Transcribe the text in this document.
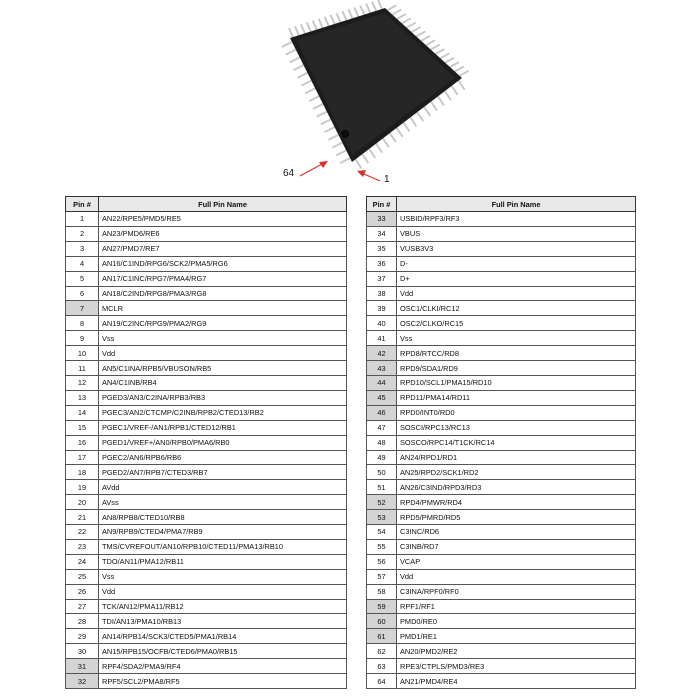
64
1
Pin #	Full Pin Name
1	AN22/RPE5/PMD5/RE5
2	AN23/PMD6/RE6
3	AN27/PMD7/RE7
4	AN16/C1IND/RPG6/SCK2/PMA5/RG6
5	AN17/C1INC/RPG7/PMA4/RG7
6	AN18/C2IND/RPG8/PMA3/RG8
7	MCLR
8	AN19/C2INC/RPG9/PMA2/RG9
9	Vss
10	Vdd
11	AN5/C1INA/RPB5/VBUSON/RB5
12	AN4/C1INB/RB4
13	PGED3/AN3/C2INA/RPB3/RB3
14	PGEC3/AN2/CTCMP/C2INB/RPB2/CTED13/RB2
15	PGEC1/VREF-/AN1/RPB1/CTED12/RB1
16	PGED1/VREF+/AN0/RPB0/PMA6/RB0
17	PGEC2/AN6/RPB6/RB6
18	PGED2/AN7/RPB7/CTED3/RB7
19	AVdd
20	AVss
21	AN8/RPB8/CTED10/RB8
22	AN9/RPB9/CTED4/PMA7/RB9
23	TMS/CVREFOUT/AN10/RPB10/CTED11/PMA13/RB10
24	TDO/AN11/PMA12/RB11
25	Vss
26	Vdd
27	TCK/AN12/PMA11/RB12
28	TDI/AN13/PMA10/RB13
29	AN14/RPB14/SCK3/CTED5/PMA1/RB14
30	AN15/RPB15/OCFB/CTED6/PMA0/RB15
31	RPF4/SDA2/PMA9/RF4
32	RPF5/SCL2/PMA8/RF5
Pin #	Full Pin Name
33	USBID/RPF3/RF3
34	VBUS
35	VUSB3V3
36	D-
37	D+
38	Vdd
39	OSC1/CLKI/RC12
40	OSC2/CLKO/RC15
41	Vss
42	RPD8/RTCC/RD8
43	RPD9/SDA1/RD9
44	RPD10/SCL1/PMA15/RD10
45	RPD11/PMA14/RD11
46	RPD0/INT0/RD0
47	SOSCI/RPC13/RC13
48	SOSCO/RPC14/T1CK/RC14
49	AN24/RPD1/RD1
50	AN25/RPD2/SCK1/RD2
51	AN26/C3IND/RPD3/RD3
52	RPD4/PMWR/RD4
53	RPD5/PMRD/RD5
54	C3INC/RD6
55	C3INB/RD7
56	VCAP
57	Vdd
58	C3INA/RPF0/RF0
59	RPF1/RF1
60	PMD0/RE0
61	PMD1/RE1
62	AN20/PMD2/RE2
63	RPE3/CTPLS/PMD3/RE3
64	AN21/PMD4/RE4
